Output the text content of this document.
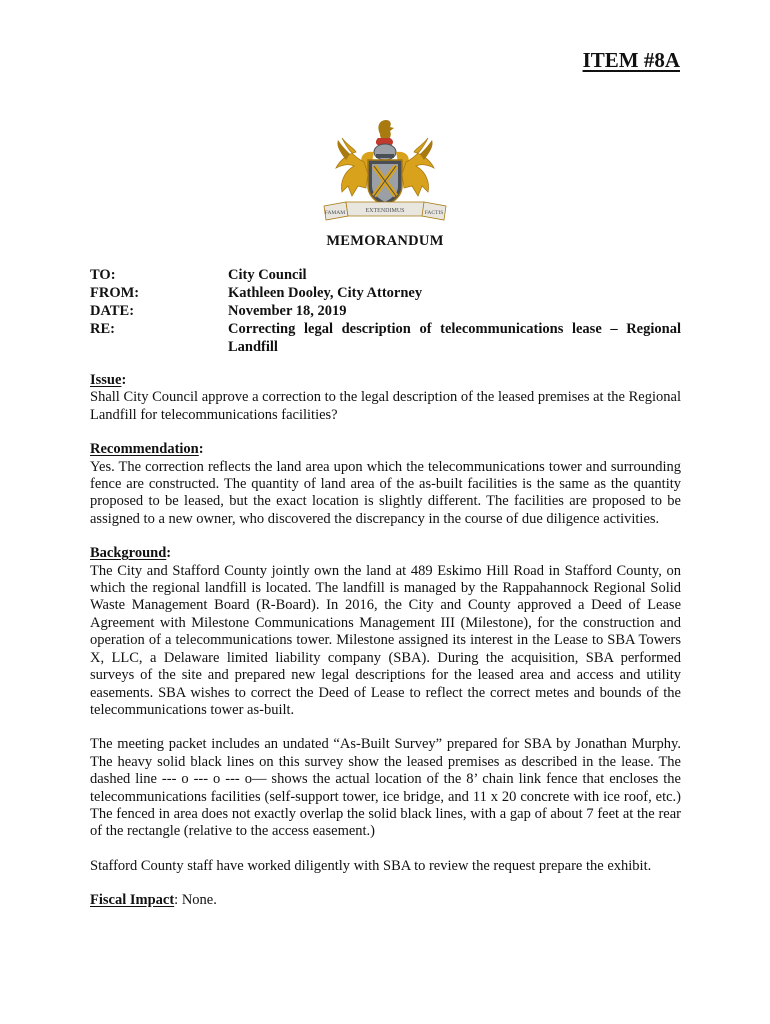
ITEM #8A
FAMAM	EXTENDIMUS	FACTIS
MEMORANDUM
TO:	City Council
FROM:	Kathleen Dooley, City Attorney
DATE:	November 18, 2019
RE:	Correcting legal description of telecommunications lease – Regional Landfill
Issue:

Shall City Council approve a correction to the legal description of the leased premises at the Regional Landfill for telecommunications facilities?

Recommendation:

Yes. The correction reflects the land area upon which the telecommunications tower and surrounding fence are constructed. The quantity of land area of the as-built facilities is the same as the quantity proposed to be leased, but the exact location is slightly different. The facilities are proposed to be assigned to a new owner, who discovered the discrepancy in the course of due diligence activities.

Background:

The City and Stafford County jointly own the land at 489 Eskimo Hill Road in Stafford County, on which the regional landfill is located. The landfill is managed by the Rappahannock Regional Solid Waste Management Board (R-Board). In 2016, the City and County approved a Deed of Lease Agreement with Milestone Communications Management III (Milestone), for the construction and operation of a telecommunications tower. Milestone assigned its interest in the Lease to SBA Towers X, LLC, a Delaware limited liability company (SBA). During the acquisition, SBA performed surveys of the site and prepared new legal descriptions for the leased area and access and utility easements. SBA wishes to correct the Deed of Lease to reflect the correct metes and bounds of the telecommunications tower as-built.

The meeting packet includes an undated “As-Built Survey” prepared for SBA by Jonathan Murphy. The heavy solid black lines on this survey show the leased premises as described in the lease. The dashed line --- o --- o --- o— shows the actual location of the 8’ chain link fence that encloses the telecommunications facilities (self-support tower, ice bridge, and 11 x 20 concrete with ice roof, etc.) The fenced in area does not exactly overlap the solid black lines, with a gap of about 7 feet at the rear of the rectangle (relative to the access easement.)

Stafford County staff have worked diligently with SBA to review the request prepare the exhibit.

Fiscal Impact: None.
